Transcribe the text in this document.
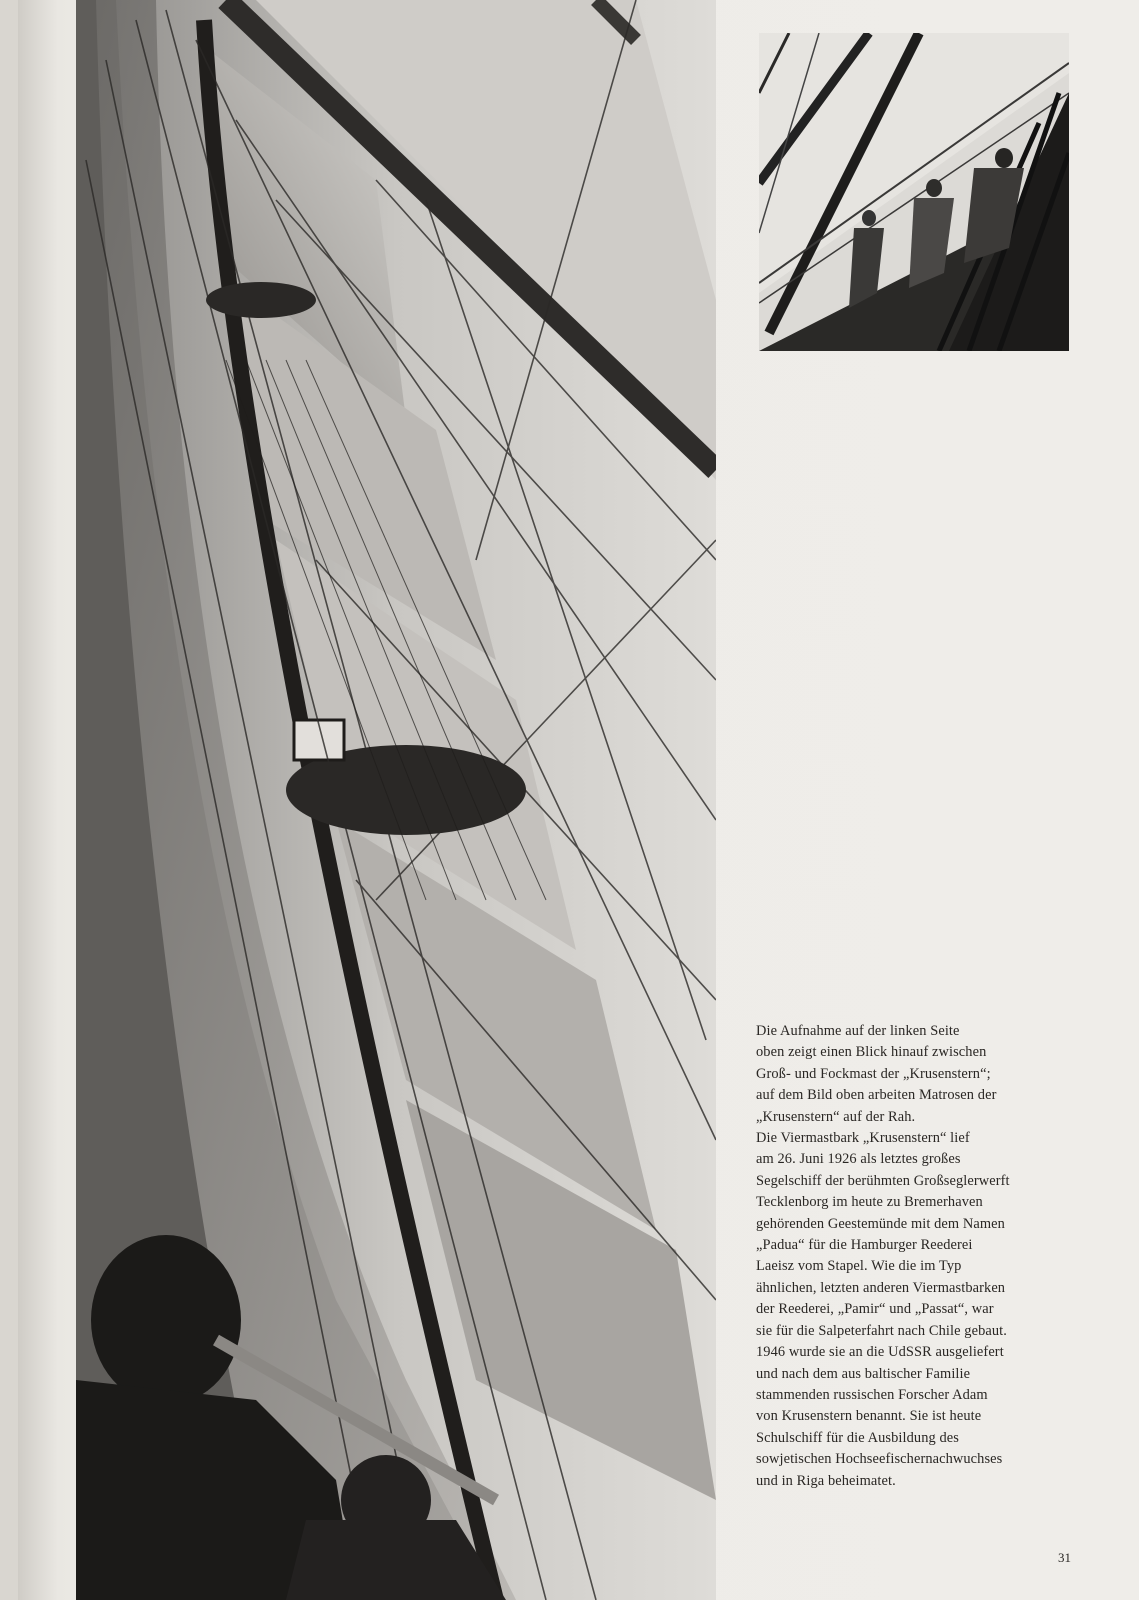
Die Aufnahme auf der linken Seite

oben zeigt einen Blick hinauf zwischen

Groß- und Fockmast der „Krusenstern“;

auf dem Bild oben arbeiten Matrosen der

„Krusenstern“ auf der Rah.

Die Viermastbark „Krusenstern“ lief

am 26. Juni 1926 als letztes großes

Segelschiff der berühmten Großseglerwerft

Tecklenborg im heute zu Bremerhaven

gehörenden Geestemünde mit dem Namen

„Padua“ für die Hamburger Reederei

Laeisz vom Stapel. Wie die im Typ

ähnlichen, letzten anderen Viermastbarken

der Reederei, „Pamir“ und „Passat“, war

sie für die Salpeterfahrt nach Chile gebaut.

1946 wurde sie an die UdSSR ausgeliefert

und nach dem aus baltischer Familie

stammenden russischen Forscher Adam

von Krusenstern benannt. Sie ist heute

Schulschiff für die Ausbildung des

sowjetischen Hochseefischernachwuchses

und in Riga beheimatet.

31
